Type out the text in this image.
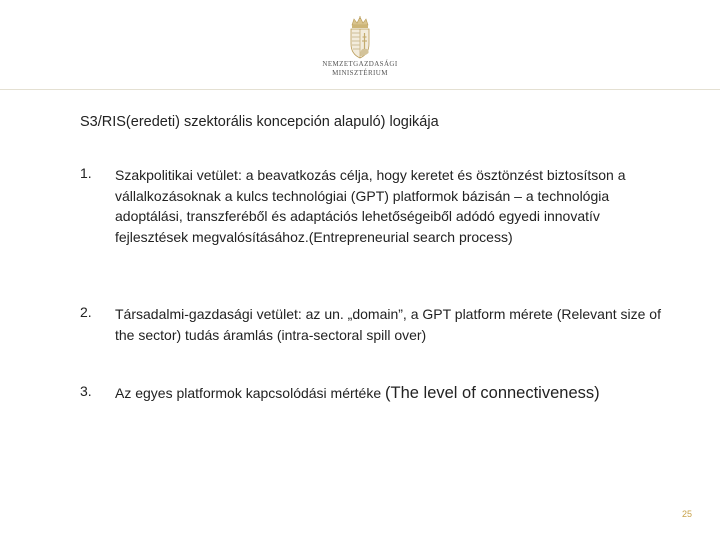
NEMZETGAZDASÁGI
MINISZTÉRIUM
S3/RIS(eredeti) szektorális koncepción alapuló) logikája
1. Szakpolitikai vetület: a beavatkozás célja, hogy keretet és ösztönzést biztosítson a vállalkozásoknak a kulcs technológiai (GPT) platformok bázisán – a technológia adoptálási, transzferéből és adaptációs lehetőségeiből adódó egyedi innovatív fejlesztések megvalósításához.(Entrepreneurial search process)
2. Társadalmi-gazdasági vetület: az un. „domain”, a GPT platform mérete (Relevant size of the sector) tudás áramlás (intra-sectoral spill over)
3. Az egyes platformok kapcsolódási mértéke (The level of connectiveness)
25
